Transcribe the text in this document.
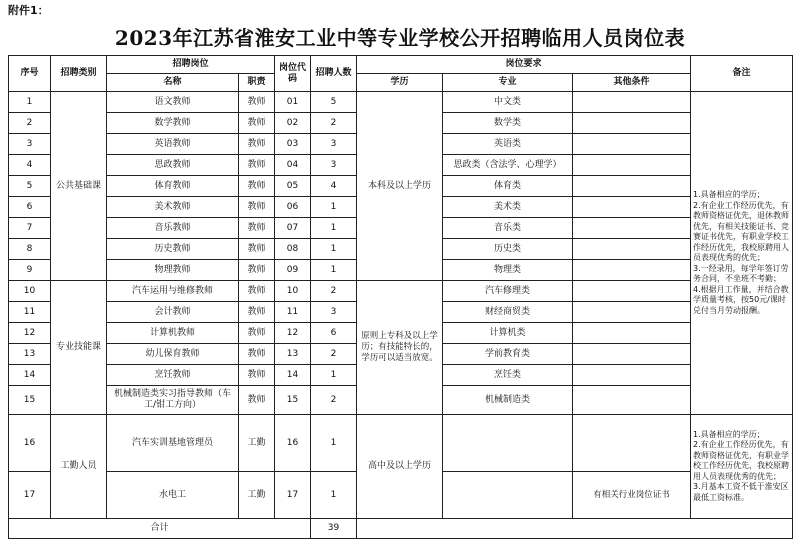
附件1：
2023年江苏省淮安工业中等专业学校公开招聘临用人员岗位表
序号	招聘类别	招聘岗位		岗位代码	招聘人数	岗位要求			备注
		名称	职责			学历	专业	其他条件	
1	公共基础课	语文教师	教师	01	5	本科及以上学历	中文类		1.具备相应的学历；
2.有企业工作经历优先，有教师资格证优先，退休教师优先，有相关技能证书、竞赛证书优先，有职业学校工作经历优先，我校原聘用人员表现优秀的优先；
3.一经录用，每学年签订劳务合同，不坐班不考勤；
4.根据月工作量，并结合教学质量考核，按50元/课时兑付当月劳动报酬。
2		数学教师	教师	02	2		数学类		
3		英语教师	教师	03	3		英语类		
4		思政教师	教师	04	3		思政类（含法学、心理学）		
5		体育教师	教师	05	4		体育类		
6		美术教师	教师	06	1		美术类		
7		音乐教师	教师	07	1		音乐类		
8		历史教师	教师	08	1		历史类		
9		物理教师	教师	09	1		物理类		
10	专业技能课	汽车运用与维修教师	教师	10	2	原则上专科及以上学历；有技能特长的，学历可以适当放宽。	汽车修理类		
11		会计教师	教师	11	3		财经商贸类		
12		计算机教师	教师	12	6		计算机类		
13		幼儿保育教师	教师	13	2		学前教育类		
14		烹饪教师	教师	14	1		烹饪类		
15		机械制造类实习指导教师（车工/钳工方向）	教师	15	2		机械制造类		
16	工勤人员	汽车实训基地管理员	工勤	16	1	高中及以上学历			1.具备相应的学历；
2.有企业工作经历优先，有教师资格证优先，有职业学校工作经历优先，我校原聘用人员表现优秀的优先；
3.月基本工资不低于淮安区最低工资标准。
17		水电工	工勤	17	1			有相关行业岗位证书	
合计					39				
